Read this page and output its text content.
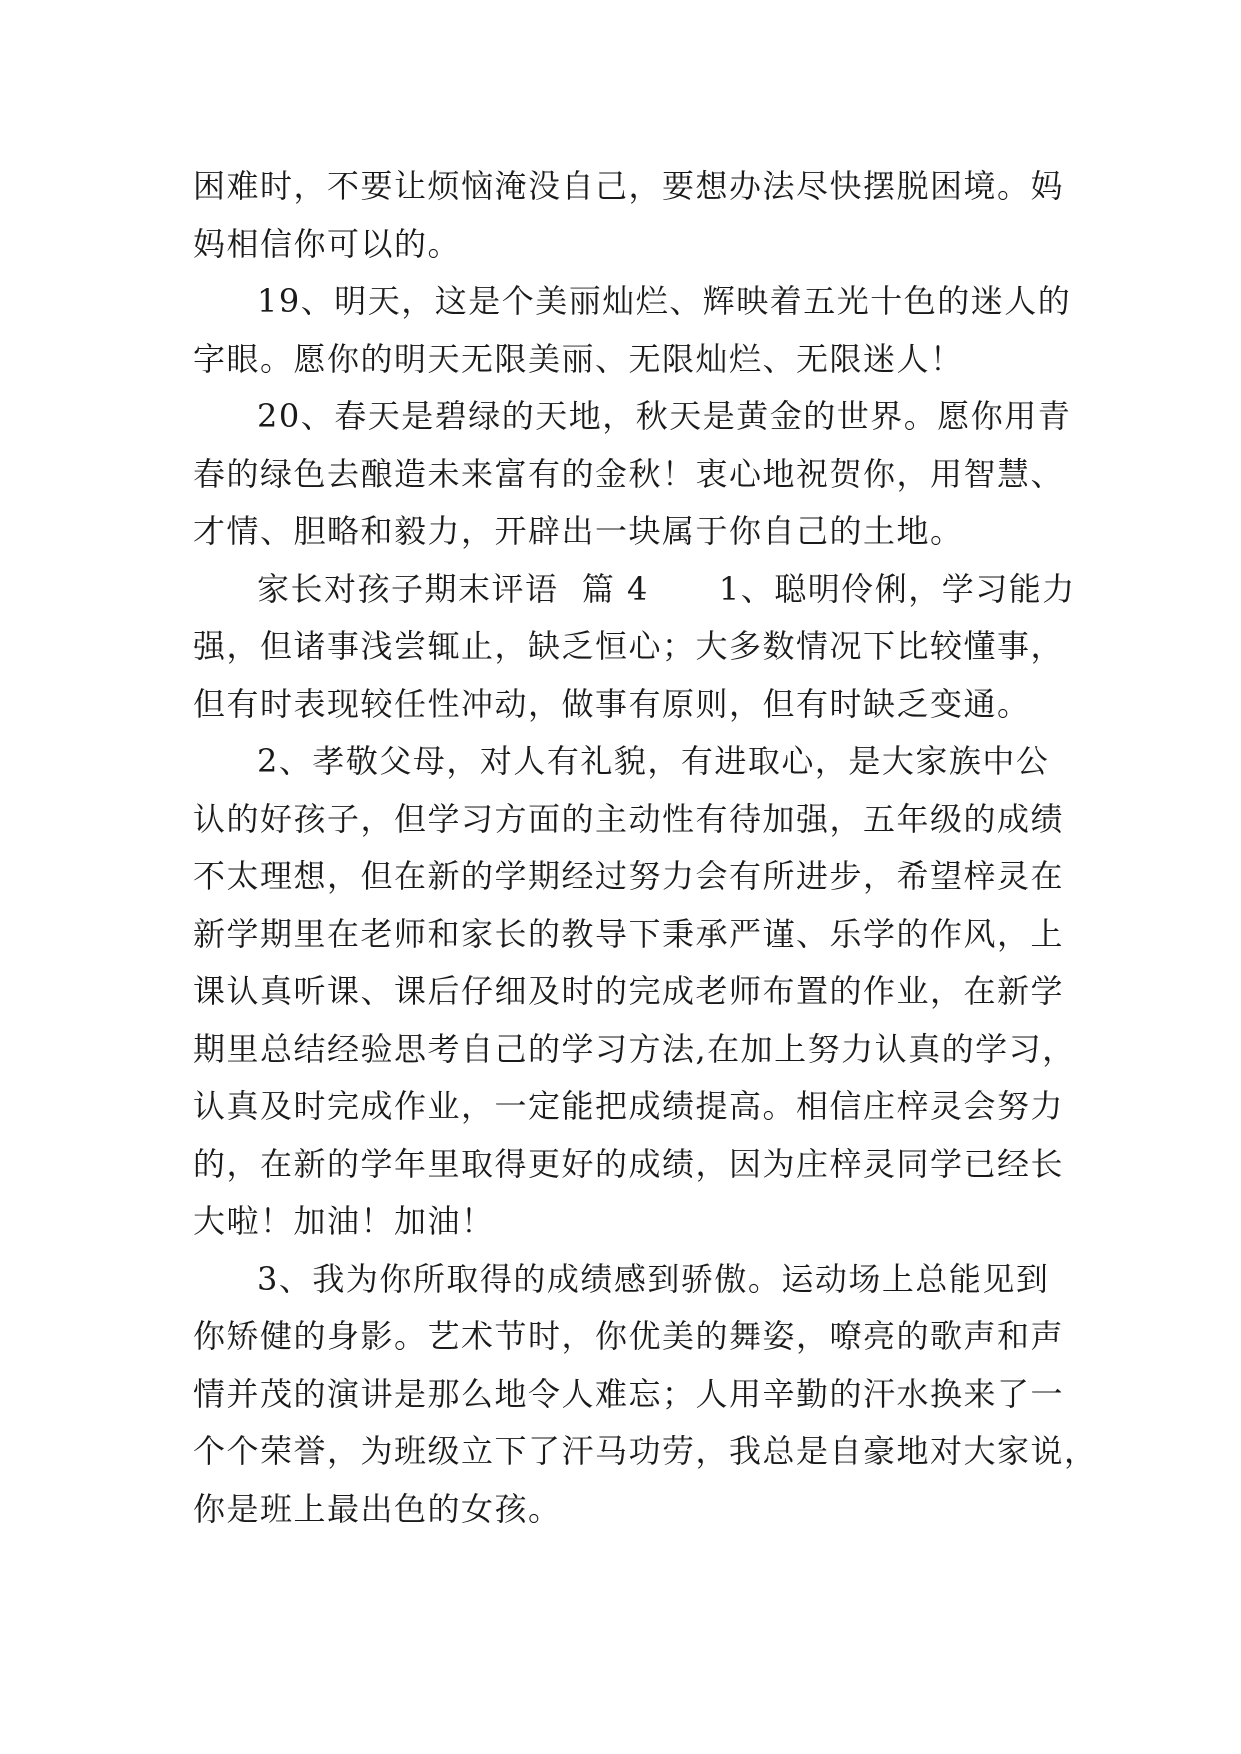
困难时，不要让烦恼淹没自己，要想办法尽快摆脱困境。妈
妈相信你可以的。

19、明天，这是个美丽灿烂、辉映着五光十色的迷人的
字眼。愿你的明天无限美丽、无限灿烂、无限迷人！

20、春天是碧绿的天地，秋天是黄金的世界。愿你用青
春的绿色去酿造未来富有的金秋！衷心地祝贺你，用智慧、
才情、胆略和毅力，开辟出一块属于你自己的土地。

家长对孩子期末评语  篇 4      1、聪明伶俐，学习能力
强，但诸事浅尝辄止，缺乏恒心；大多数情况下比较懂事，
但有时表现较任性冲动，做事有原则，但有时缺乏变通。

2、孝敬父母，对人有礼貌，有进取心，是大家族中公
认的好孩子，但学习方面的主动性有待加强，五年级的成绩
不太理想，但在新的学期经过努力会有所进步，希望梓灵在
新学期里在老师和家长的教导下秉承严谨、乐学的作风，上
课认真听课、课后仔细及时的完成老师布置的作业，在新学
期里总结经验思考自己的学习方法,在加上努力认真的学习，
认真及时完成作业，一定能把成绩提高。相信庄梓灵会努力
的，在新的学年里取得更好的成绩，因为庄梓灵同学已经长
大啦！加油！加油！

3、我为你所取得的成绩感到骄傲。运动场上总能见到
你矫健的身影。艺术节时，你优美的舞姿，嘹亮的歌声和声
情并茂的演讲是那么地令人难忘；人用辛勤的汗水换来了一
个个荣誉，为班级立下了汗马功劳，我总是自豪地对大家说，
你是班上最出色的女孩。
